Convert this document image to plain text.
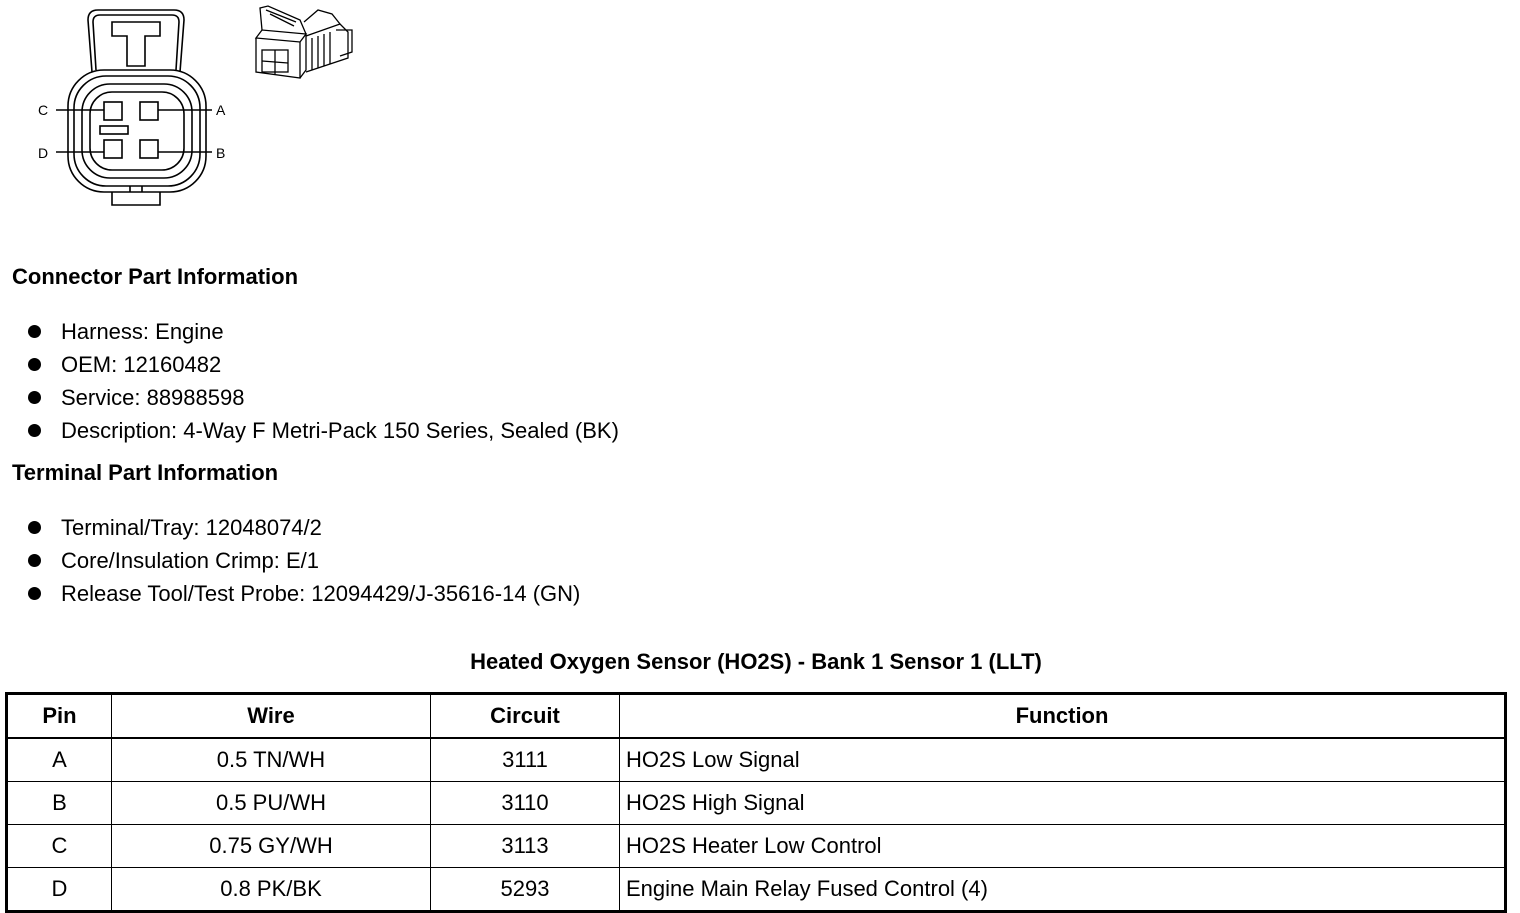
C	A
D	B
Connector Part Information
Harness: Engine
OEM: 12160482
Service: 88988598
Description: 4-Way F Metri-Pack 150 Series, Sealed (BK)
Terminal Part Information
Terminal/Tray: 12048074/2
Core/Insulation Crimp: E/1
Release Tool/Test Probe: 12094429/J-35616-14 (GN)
Heated Oxygen Sensor (HO2S) - Bank 1 Sensor 1 (LLT)
Pin	Wire	Circuit	Function
A	0.5 TN/WH	3111	HO2S Low Signal
B	0.5 PU/WH	3110	HO2S High Signal
C	0.75 GY/WH	3113	HO2S Heater Low Control
D	0.8 PK/BK	5293	Engine Main Relay Fused Control (4)
